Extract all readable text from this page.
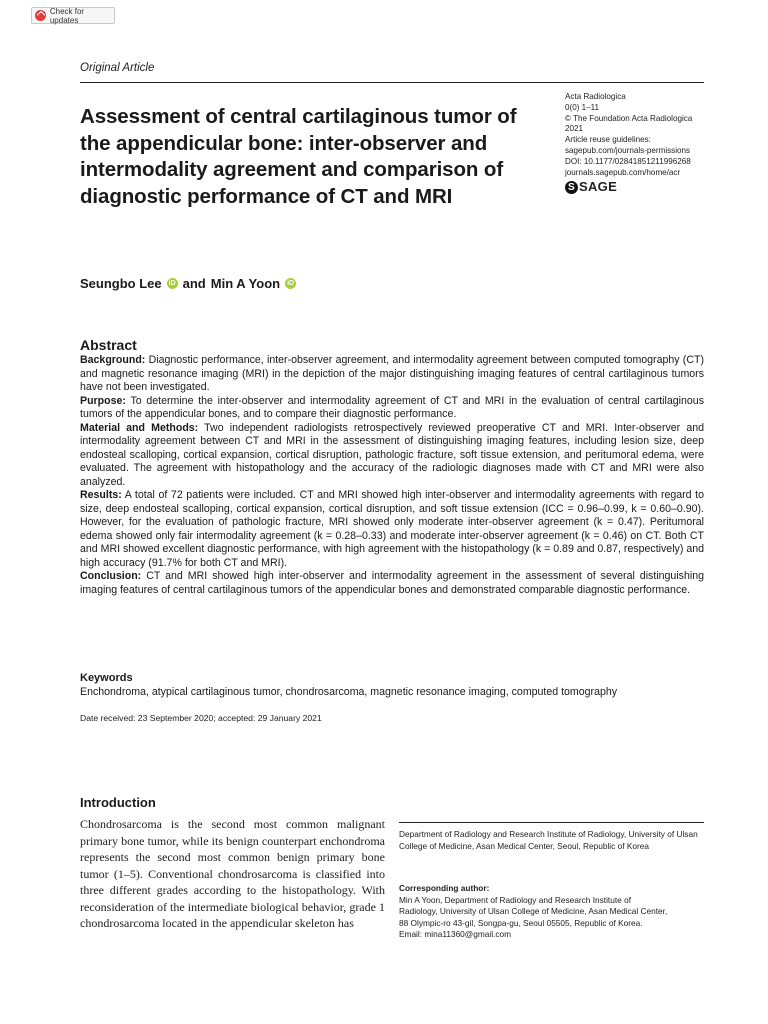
Check for updates
Original Article
Assessment of central cartilaginous tumor of the appendicular bone: inter-observer and intermodality agreement and comparison of diagnostic performance of CT and MRI
Acta Radiologica
0(0) 1–11
© The Foundation Acta Radiologica
2021
Article reuse guidelines:
sagepub.com/journals-permissions
DOI: 10.1177/02841851211996268
journals.sagepub.com/home/acr
S SAGE
Seungbo Lee iD and Min A Yoon iD
Abstract

Background: Diagnostic performance, inter-observer agreement, and intermodality agreement between computed tomography (CT) and magnetic resonance imaging (MRI) in the depiction of the major distinguishing imaging features of central cartilaginous tumors have not been investigated.

Purpose: To determine the inter-observer and intermodality agreement of CT and MRI in the evaluation of central cartilaginous tumors of the appendicular bones, and to compare their diagnostic performance.

Material and Methods: Two independent radiologists retrospectively reviewed preoperative CT and MRI. Inter-observer and intermodality agreement between CT and MRI in the assessment of distinguishing imaging features, including lesion size, deep endosteal scalloping, cortical expansion, cortical disruption, pathologic fracture, soft tissue extension, and peritumoral edema, were evaluated. The agreement with histopathology and the accuracy of the radiologic diagnoses made with CT and MRI were also analyzed.

Results: A total of 72 patients were included. CT and MRI showed high inter-observer and intermodality agreements with regard to size, deep endosteal scalloping, cortical expansion, cortical disruption, and soft tissue extension (ICC = 0.96–0.99, k = 0.60–0.90). However, for the evaluation of pathologic fracture, MRI showed only moderate inter-observer agreement (k = 0.47). Peritumoral edema showed only fair intermodality agreement (k = 0.28–0.33) and moderate inter-observer agreement (k = 0.46) on CT. Both CT and MRI showed excellent diagnostic performance, with high agreement with the histopathology (k = 0.89 and 0.87, respectively) and high accuracy (91.7% for both CT and MRI).

Conclusion: CT and MRI showed high inter-observer and intermodality agreement in the assessment of several distinguishing imaging features of central cartilaginous tumors of the appendicular bones and demonstrated comparable diagnostic performance.

Keywords

Enchondroma, atypical cartilaginous tumor, chondrosarcoma, magnetic resonance imaging, computed tomography

Date received: 23 September 2020; accepted: 29 January 2021
Introduction

Chondrosarcoma is the second most common malignant primary bone tumor, while its benign counterpart enchondroma represents the second most common benign primary bone tumor (1–5). Conventional chondrosarcoma is classified into three different grades according to the histopathology. With reconsideration of the intermediate biological behavior, grade 1 chondrosarcoma located in the appendicular skeleton has

Department of Radiology and Research Institute of Radiology, University of Ulsan College of Medicine, Asan Medical Center, Seoul, Republic of Korea
Corresponding author:
Min A Yoon, Department of Radiology and Research Institute of
Radiology, University of Ulsan College of Medicine, Asan Medical Center,
88 Olympic-ro 43-gil, Songpa-gu, Seoul 05505, Republic of Korea.
Email: mina11360@gmail.com
